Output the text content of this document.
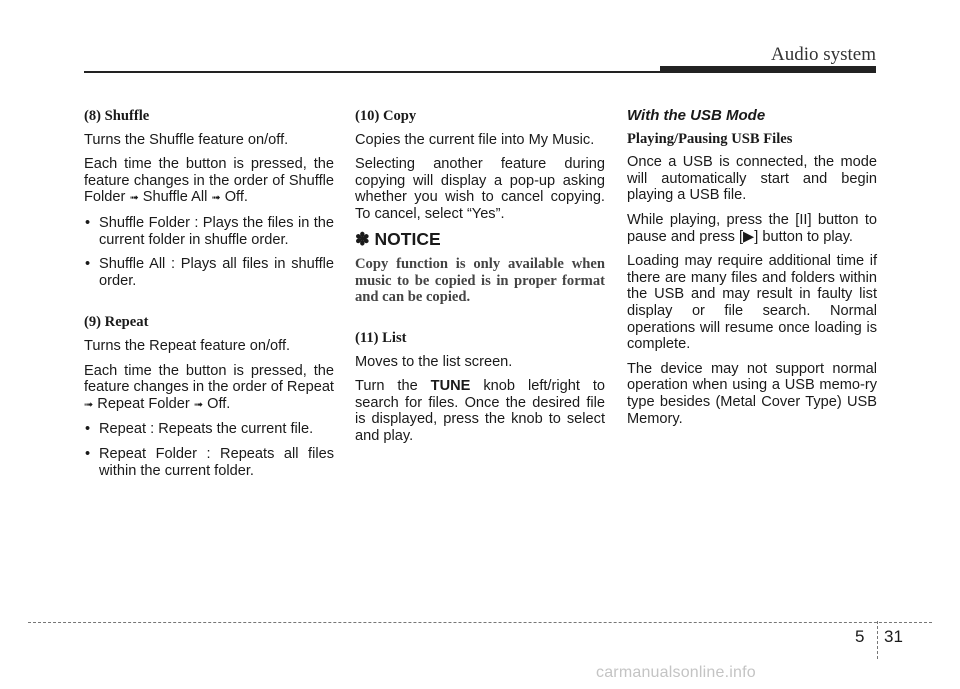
Audio system
(8) Shuffle

Turns the Shuffle feature on/off.

Each time the button is pressed, the feature changes in the order of Shuffle Folder ➟ Shuffle All ➟ Off.

• Shuffle Folder : Plays the files in the current folder in shuffle order.
• Shuffle All : Plays all files in shuffle order.
(9) Repeat

Turns the Repeat feature on/off.

Each time the button is pressed, the feature changes in the order of Repeat ➟ Repeat Folder ➟ Off.

• Repeat : Repeats the current file.
• Repeat Folder : Repeats all files within the current folder.
(10) Copy

Copies the current file into My Music.

Selecting another feature during copying will display a pop-up asking whether you wish to cancel copying. To cancel, select “Yes”.

✽ NOTICE

Copy function is only available when music to be copied is in proper format and can be copied.

(11) List

Moves to the list screen.

Turn the TUNE knob left/right to search for files. Once the desired file is displayed, press the knob to select and play.

With the USB Mode
Playing/Pausing USB Files

Once a USB is connected, the mode will automatically start and begin playing a USB file.

While playing, press the [II] button to pause and press [▶] button to play.

Loading may require additional time if there are many files and folders within the USB and may result in faulty list display or file search. Normal operations will resume once loading is complete.

The device may not support normal operation when using a USB memo-ry type besides (Metal Cover Type) USB Memory.

5 31
carmanualsonline.info
